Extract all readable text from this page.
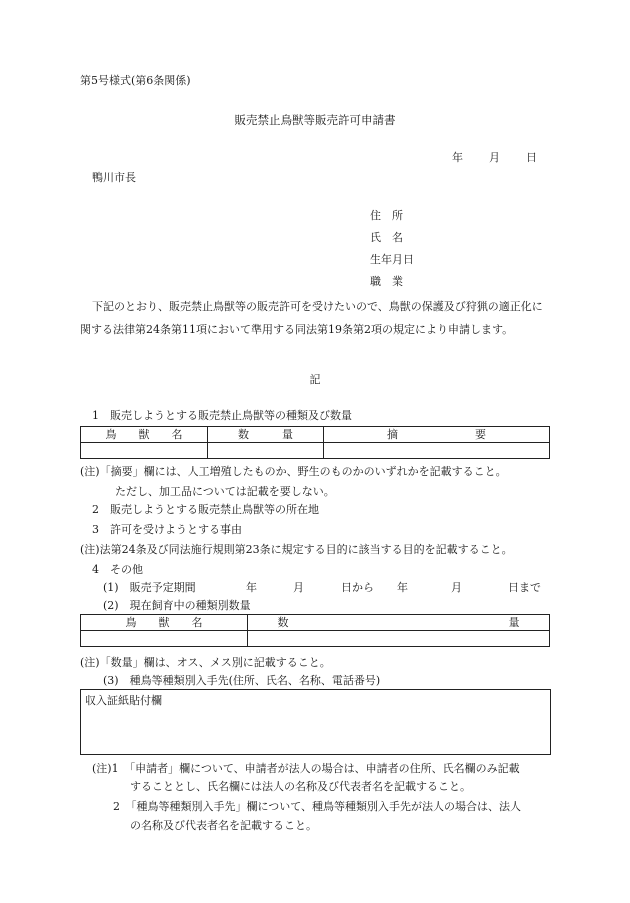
第5号様式(第6条関係)
販売禁止鳥獣等販売許可申請書
年 月 日
鴨川市長
住　所
氏　名
生年月日
職　業
下記のとおり、販売禁止鳥獣等の販売許可を受けたいので、鳥獣の保護及び狩猟の適正化に関する法律第24条第11項において準用する同法第19条第2項の規定により申請します。
記
1　販売しようとする販売禁止鳥獣等の種類及び数量
鳥　　獣　　名	数　　　量	摘　　　　　　　要

(注)「摘要」欄には、人工増殖したものか、野生のものかのいずれかを記載すること。
ただし、加工品については記載を要しない。
2　販売しようとする販売禁止鳥獣等の所在地
3　許可を受けようとする事由
(注)法第24条及び同法施行規則第23条に規定する目的に該当する目的を記載すること。
4　その他
(1)　販売予定期間	年	月	日から 年	月	日まで
(2)　現在飼育中の種類別数量
鳥　　獣　　名	数　　　　　　　　　　　　　　　　　　　　量

(注)「数量」欄は、オス、メス別に記載すること。
(3)　種鳥等種類別入手先(住所、氏名、名称、電話番号)
収入証紙貼付欄
(注)1　「申請者」欄について、申請者が法人の場合は、申請者の住所、氏名欄のみ記載
することとし、氏名欄には法人の名称及び代表者名を記載すること。
2　「種鳥等種類別入手先」欄について、種鳥等種類別入手先が法人の場合は、法人
の名称及び代表者名を記載すること。
